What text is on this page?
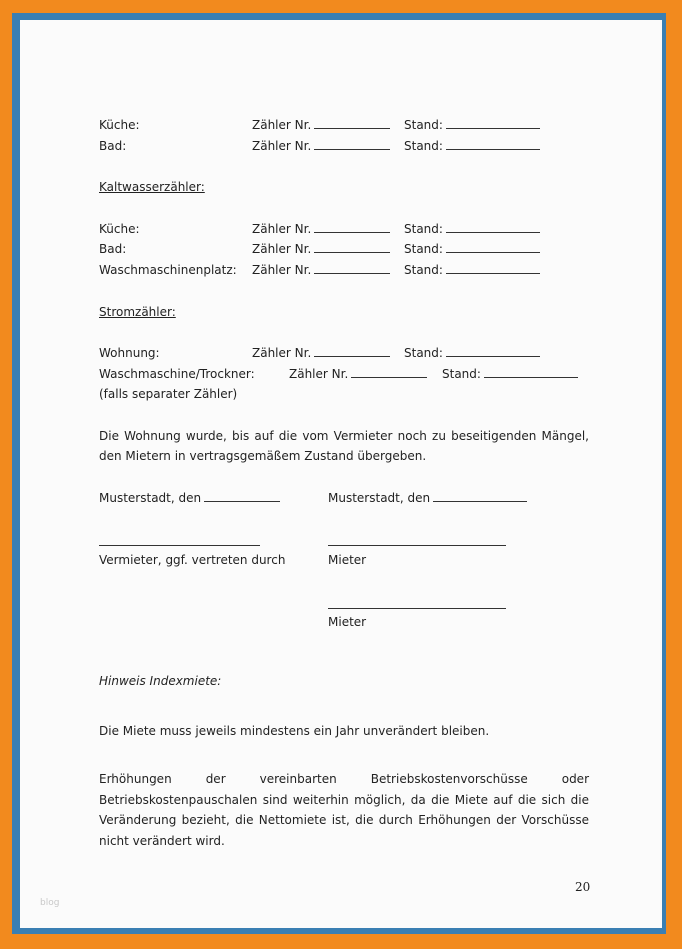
Küche:	Zähler Nr.	Stand:
Bad:	Zähler Nr.	Stand:
Kaltwasserzähler:
Küche:	Zähler Nr.	Stand:
Bad:	Zähler Nr.	Stand:
Waschmaschinenplatz: Zähler Nr.	Stand:
Stromzähler:
Wohnung:	Zähler Nr.	Stand:
Waschmaschine/Trockner:	Zähler Nr.	Stand:
(falls separater Zähler)
Die Wohnung wurde, bis auf die vom Vermieter noch zu beseitigenden Mängel, den Mietern in vertragsgemäßem Zustand übergeben.
Musterstadt, den	Musterstadt, den
Vermieter, ggf. vertreten durch	Mieter
Mieter
Hinweis Indexmiete:
Die Miete muss jeweils mindestens ein Jahr unverändert bleiben.
Erhöhungen der vereinbarten Betriebskostenvorschüsse oder Betriebskostenpauschalen sind weiterhin möglich, da die Miete auf die sich die Veränderung bezieht, die Nettomiete ist, die durch Erhöhungen der Vorschüsse nicht verändert wird.
20
blog
